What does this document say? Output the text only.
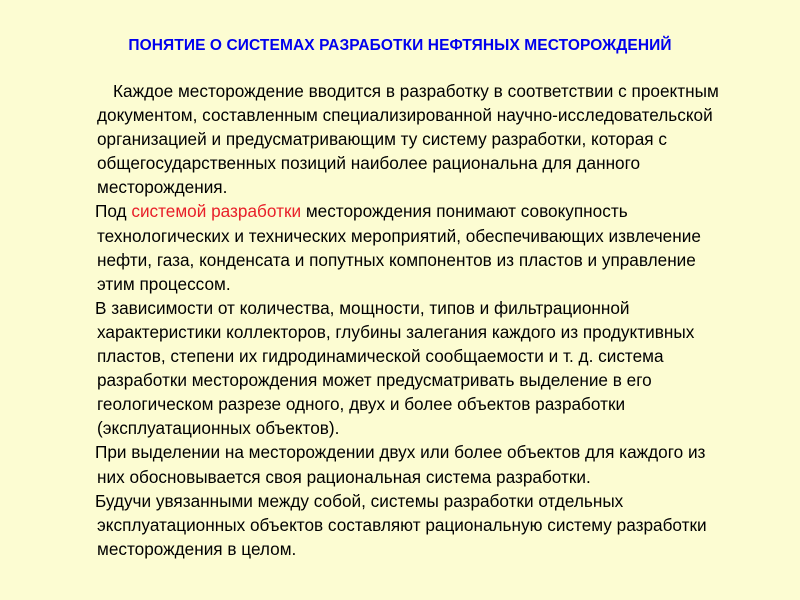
ПОНЯТИЕ О СИСТЕМАХ РАЗРАБОТКИ НЕФТЯНЫХ МЕСТОРОЖДЕНИЙ

Каждое месторождение вводится в разработку в соответствии с проектным документом, составленным специализированной научно-исследовательской организацией и предусматривающим ту систему разработки, которая с общегосударственных позиций наиболее рациональна для данного месторождения.

Под системой разработки месторождения понимают совокупность технологических и технических мероприятий, обеспечивающих извлечение нефти, газа, конденсата и попутных компонентов из пластов и управление этим процессом.

В зависимости от количества, мощности, типов и фильтрационной характеристики коллекторов, глубины залегания каждого из продуктивных пластов, степени их гидродинамической сообщаемости и т. д. система разработки месторождения может предусматривать выделение в его геологическом разрезе одного, двух и более объектов разработки (эксплуатационных объектов).

При выделении на месторождении двух или более объектов для каждого из них обосновывается своя рациональная система разработки.

Будучи увязанными между собой, системы разработки отдельных эксплуатационных объектов составляют рациональную систему разработки месторождения в целом.
